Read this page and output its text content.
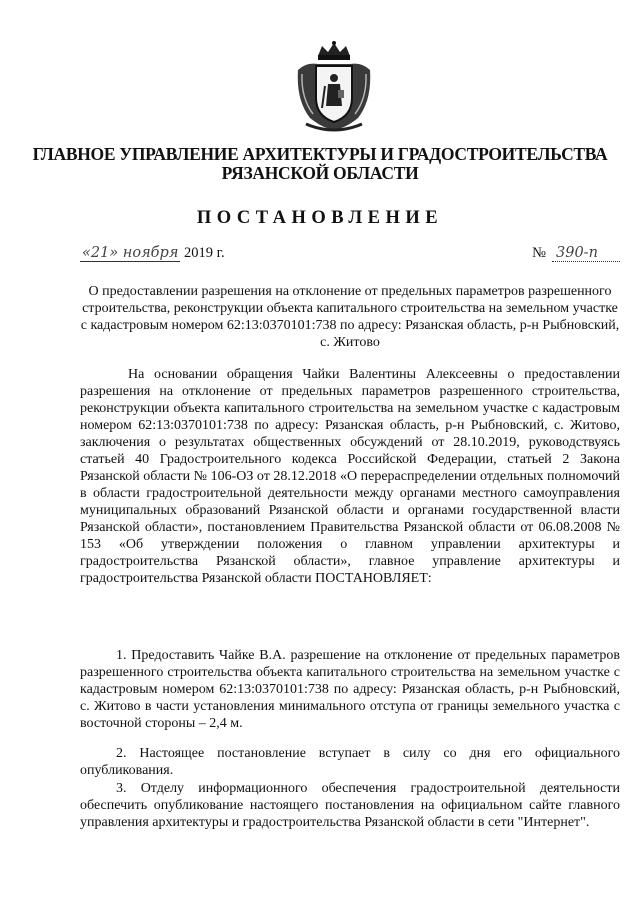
ГЛАВНОЕ УПРАВЛЕНИЕ АРХИТЕКТУРЫ И ГРАДОСТРОИТЕЛЬСТВА
РЯЗАНСКОЙ ОБЛАСТИ
ПОСТАНОВЛЕНИЕ
«21» ноября 2019 г.	№ 390-п
О предоставлении разрешения на отклонение от предельных параметров разрешенного строительства, реконструкции объекта капитального строительства на земельном участке с кадастровым номером 62:13:0370101:738 по адресу: Рязанская область, р-н Рыбновский, с. Житово
На основании обращения Чайки Валентины Алексеевны о предоставлении разрешения на отклонение от предельных параметров разрешенного строительства, реконструкции объекта капитального строительства на земельном участке с кадастровым номером 62:13:0370101:738 по адресу: Рязанская область, р-н Рыбновский, с. Житово, заключения о результатах общественных обсуждений от 28.10.2019, руководствуясь статьей 40 Градостроительного кодекса Российской Федерации, статьей 2 Закона Рязанской области № 106-ОЗ от 28.12.2018 «О перераспределении отдельных полномочий в области градостроительной деятельности между органами местного самоуправления муниципальных образований Рязанской области и органами государственной власти Рязанской области», постановлением Правительства Рязанской области от 06.08.2008 № 153 «Об утверждении положения о главном управлении архитектуры и градостроительства Рязанской области», главное управление архитектуры и градостроительства Рязанской области ПОСТАНОВЛЯЕТ:
1. Предоставить Чайке В.А. разрешение на отклонение от предельных параметров разрешенного строительства объекта капитального строительства на земельном участке с кадастровым номером 62:13:0370101:738 по адресу: Рязанская область, р-н Рыбновский, с. Житово в части установления минимального отступа от границы земельного участка с восточной стороны – 2,4 м.
2. Настоящее постановление вступает в силу со дня его официального опубликования.
3. Отделу информационного обеспечения градостроительной деятельности обеспечить опубликование настоящего постановления на официальном сайте главного управления архитектуры и градостроительства Рязанской области в сети "Интернет".
